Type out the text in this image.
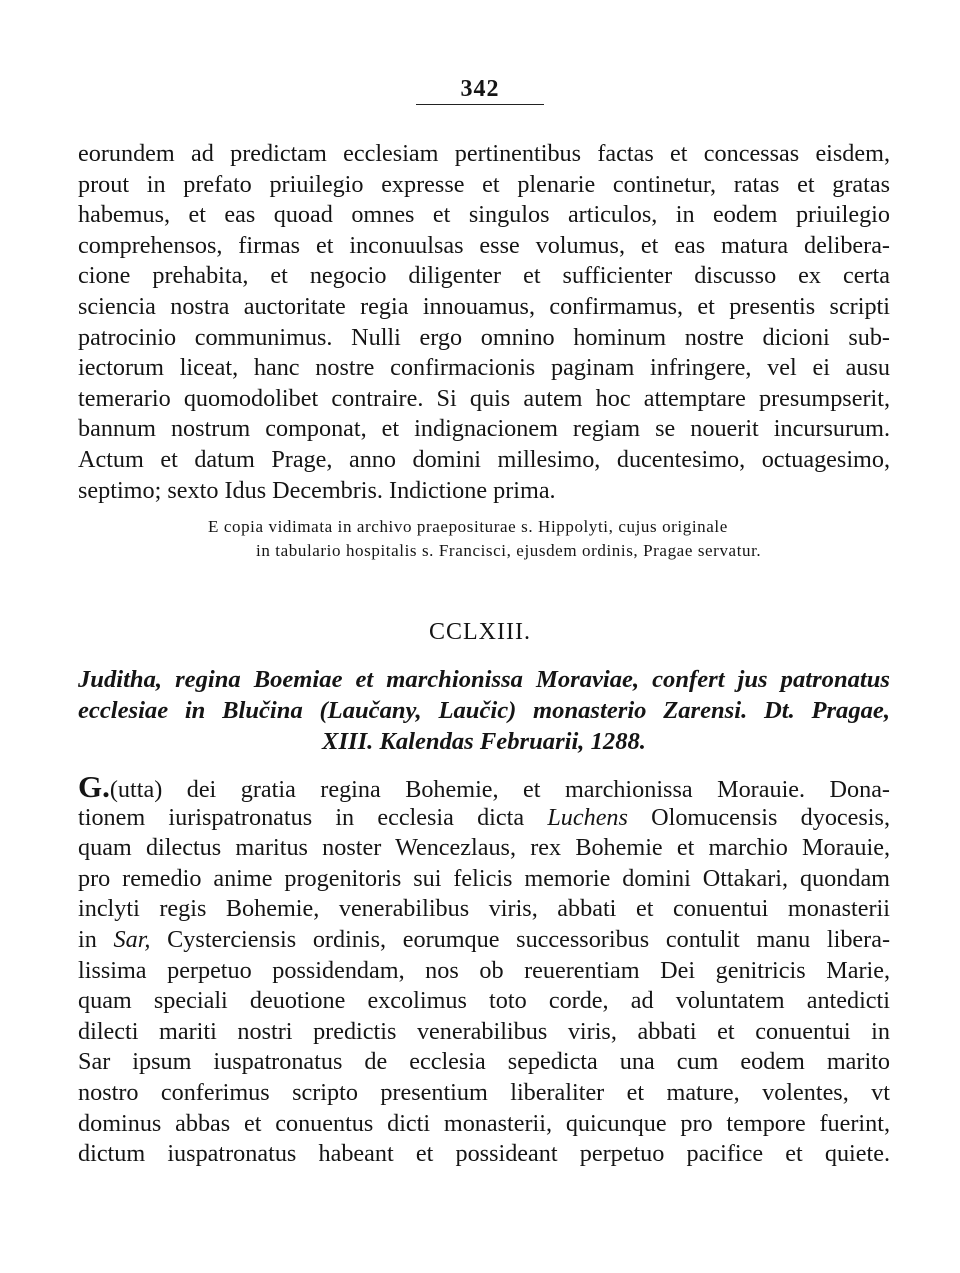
342
eorundem ad predictam ecclesiam pertinentibus factas et concessas eisdem,
prout in prefato priuilegio expresse et plenarie continetur, ratas et gratas
habemus, et eas quoad omnes et singulos articulos, in eodem priuilegio
comprehensos, firmas et inconuulsas esse volumus, et eas matura delibera-
cione prehabita, et negocio diligenter et sufficienter discusso ex certa
sciencia nostra auctoritate regia innouamus, confirmamus, et presentis scripti
patrocinio communimus. Nulli ergo omnino hominum nostre dicioni sub-
iectorum liceat, hanc nostre confirmacionis paginam infringere, vel ei ausu
temerario quomodolibet contraire. Si quis autem hoc attemptare presumpserit,
bannum nostrum componat, et indignacionem regiam se nouerit incursurum.
Actum et datum Prage, anno domini millesimo, ducentesimo, octuagesimo,
septimo; sexto Idus Decembris. Indictione prima.
E copia vidimata in archivo praepositurae s. Hippolyti, cujus originale
in tabulario hospitalis s. Francisci, ejusdem ordinis, Pragae servatur.
CCLXIII.
Juditha, regina Boemiae et marchionissa Moraviae, confert jus patronatus
ecclesiae in Blučina (Laučany, Laučic) monasterio Zarensi. Dt. Pragae,
XIII. Kalendas Februarii, 1288.
G.(utta) dei gratia regina Bohemie, et marchionissa Morauie. Dona-
tionem iurispatronatus in ecclesia dicta Luchens Olomucensis dyocesis,
quam dilectus maritus noster Wencezlaus, rex Bohemie et marchio Morauie,
pro remedio anime progenitoris sui felicis memorie domini Ottakari, quondam
inclyti regis Bohemie, venerabilibus viris, abbati et conuentui monasterii
in Sar, Cysterciensis ordinis, eorumque successoribus contulit manu libera-
lissima perpetuo possidendam, nos ob reuerentiam Dei genitricis Marie,
quam speciali deuotione excolimus toto corde, ad voluntatem antedicti
dilecti mariti nostri predictis venerabilibus viris, abbati et conuentui in
Sar ipsum iuspatronatus de ecclesia sepedicta una cum eodem marito
nostro conferimus scripto presentium liberaliter et mature, volentes, vt
dominus abbas et conuentus dicti monasterii, quicunque pro tempore fuerint,
dictum iuspatronatus habeant et possideant perpetuo pacifice et quiete.
